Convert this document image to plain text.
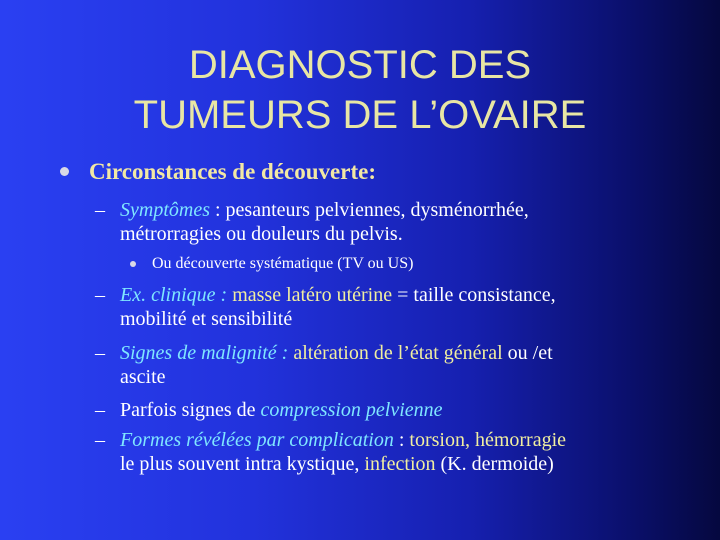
DIAGNOSTIC DES
TUMEURS DE L’OVAIRE
Circonstances de découverte:
– Symptômes : pesanteurs pelviennes, dysménorrhée,
métrorragies ou douleurs du pelvis.
Ou découverte systématique (TV ou US)
– Ex. clinique : masse latéro utérine = taille consistance,
mobilité et sensibilité
– Signes de malignité : altération de l’état général ou /et
ascite
– Parfois signes de compression pelvienne
– Formes révélées par complication : torsion, hémorragie
le plus souvent intra kystique, infection (K. dermoide)
